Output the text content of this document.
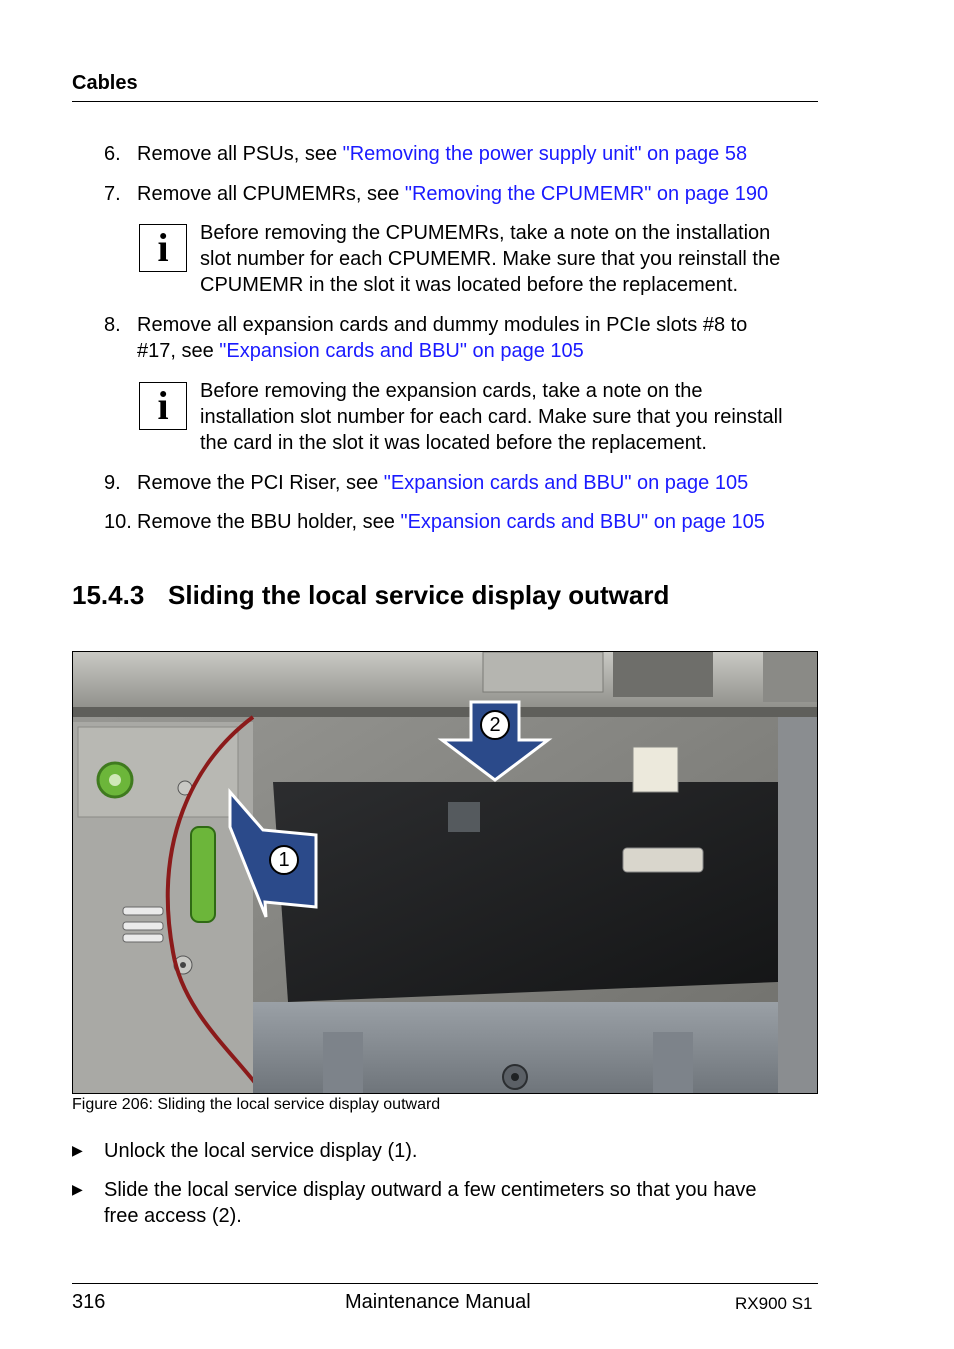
Cables
6. Remove all PSUs, see "Removing the power supply unit" on page 58
7. Remove all CPUMEMRs, see "Removing the CPUMEMR" on page 190
i	Before removing the CPUMEMRs, take a note on the installation
slot number for each CPUMEMR. Make sure that you reinstall the
CPUMEMR in the slot it was located before the replacement.
8. Remove all expansion cards and dummy modules in PCIe slots #8 to
#17, see "Expansion cards and BBU" on page 105
i	Before removing the expansion cards, take a note on the
installation slot number for each card. Make sure that you reinstall
the card in the slot it was located before the replacement.
9. Remove the PCI Riser, see "Expansion cards and BBU" on page 105
10. Remove the BBU holder, see "Expansion cards and BBU" on page 105
15.4.3 Sliding the local service display outward
2
1
Figure 206: Sliding the local service display outward
▶ Unlock the local service display (1).
▶ Slide the local service display outward a few centimeters so that you have
free access (2).
316	Maintenance Manual	RX900 S1
